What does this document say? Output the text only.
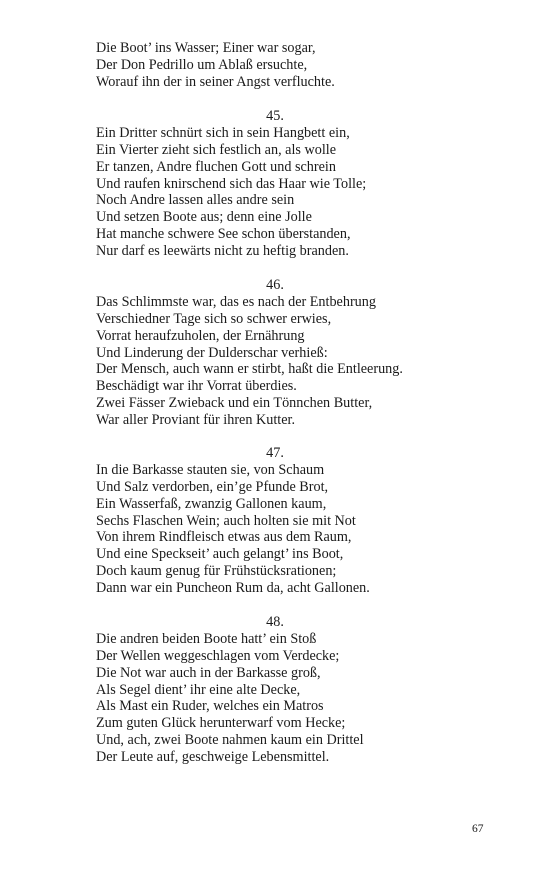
Die Boot’ ins Wasser; Einer war sogar,
Der Don Pedrillo um Ablaß ersuchte,
Worauf ihn der in seiner Angst verfluchte.
45.
Ein Dritter schnürt sich in sein Hangbett ein,
Ein Vierter zieht sich festlich an, als wolle
Er tanzen, Andre fluchen Gott und schrein
Und raufen knirschend sich das Haar wie Tolle;
Noch Andre lassen alles andre sein
Und setzen Boote aus; denn eine Jolle
Hat manche schwere See schon überstanden,
Nur darf es leewärts nicht zu heftig branden.
46.
Das Schlimmste war, das es nach der Entbehrung
Verschiedner Tage sich so schwer erwies,
Vorrat heraufzuholen, der Ernährung
Und Linderung der Dulderschar verhieß:
Der Mensch, auch wann er stirbt, haßt die Entleerung.
Beschädigt war ihr Vorrat überdies.
Zwei Fässer Zwieback und ein Tönnchen Butter,
War aller Proviant für ihren Kutter.
47.
In die Barkasse stauten sie, von Schaum
Und Salz verdorben, ein’ge Pfunde Brot,
Ein Wasserfaß, zwanzig Gallonen kaum,
Sechs Flaschen Wein; auch holten sie mit Not
Von ihrem Rindfleisch etwas aus dem Raum,
Und eine Speckseit’ auch gelangt’ ins Boot,
Doch kaum genug für Frühstücksrationen;
Dann war ein Puncheon Rum da, acht Gallonen.
48.
Die andren beiden Boote hatt’ ein Stoß
Der Wellen weggeschlagen vom Verdecke;
Die Not war auch in der Barkasse groß,
Als Segel dient’ ihr eine alte Decke,
Als Mast ein Ruder, welches ein Matros
Zum guten Glück herunterwarf vom Hecke;
Und, ach, zwei Boote nahmen kaum ein Drittel
Der Leute auf, geschweige Lebensmittel.
67
